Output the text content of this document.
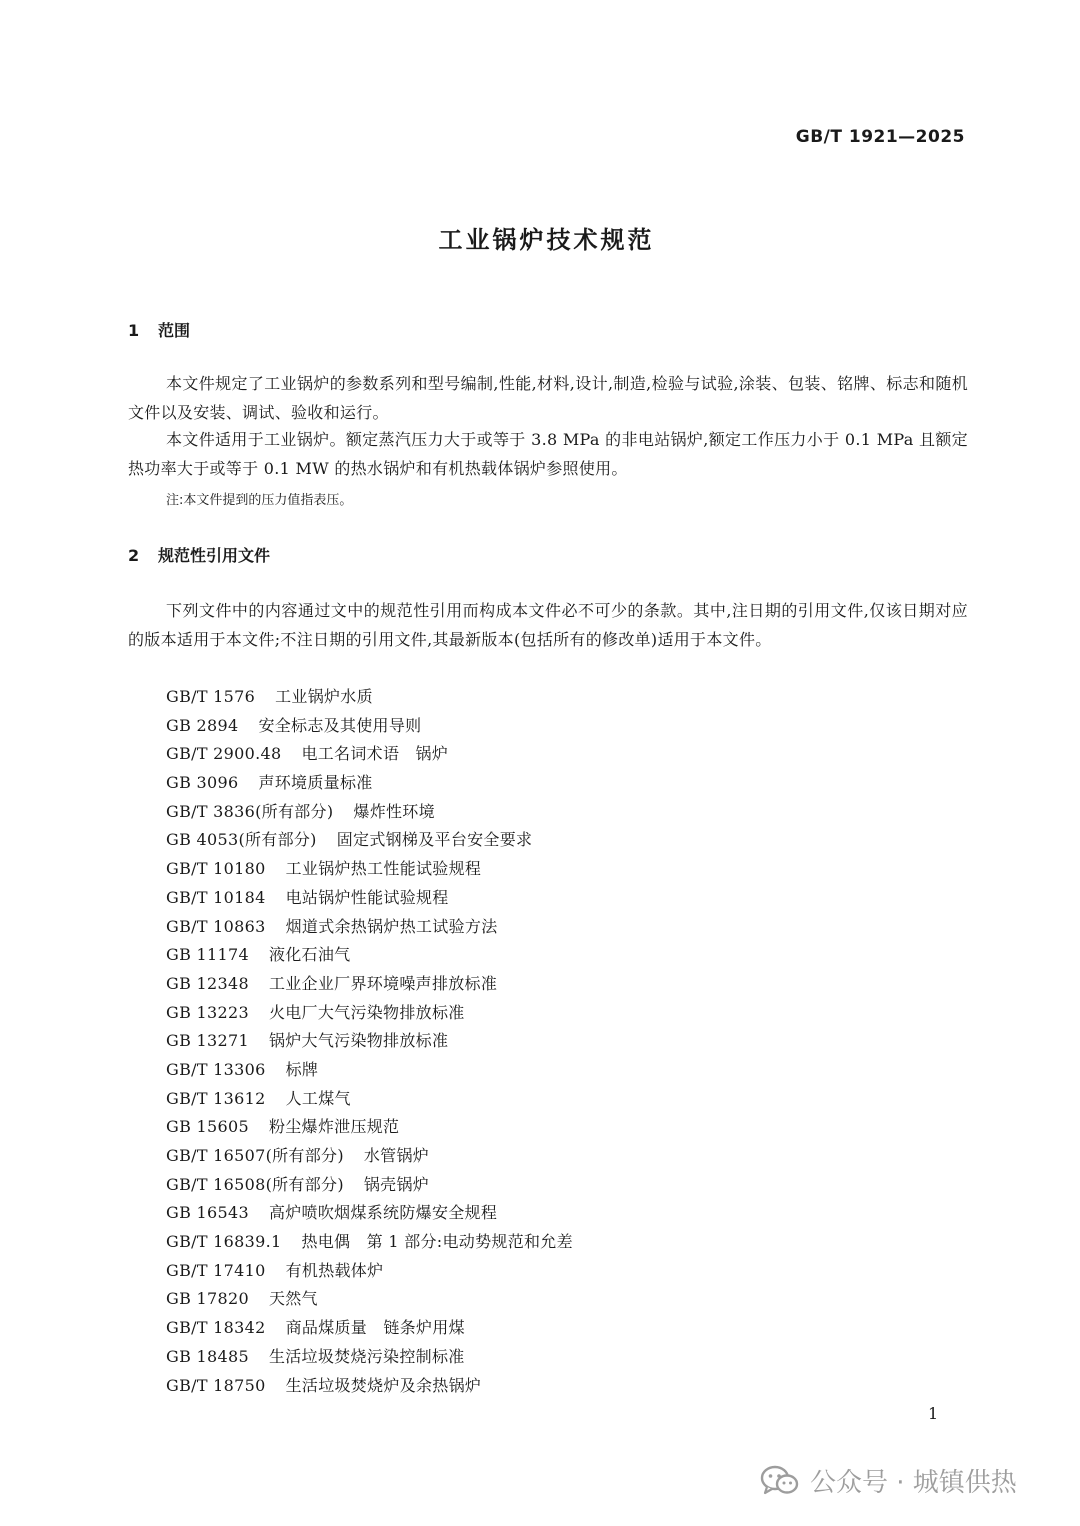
GB/T 1921—2025
工业锅炉技术规范
1 范围
本文件规定了工业锅炉的参数系列和型号编制,性能,材料,设计,制造,检验与试验,涂装、包装、铭牌、标志和随机文件以及安装、调试、验收和运行。
本文件适用于工业锅炉。额定蒸汽压力大于或等于 3.8 MPa 的非电站锅炉,额定工作压力小于 0.1 MPa 且额定热功率大于或等于 0.1 MW 的热水锅炉和有机热载体锅炉参照使用。
注:本文件提到的压力值指表压。
2 规范性引用文件
下列文件中的内容通过文中的规范性引用而构成本文件必不可少的条款。其中,注日期的引用文件,仅该日期对应的版本适用于本文件;不注日期的引用文件,其最新版本(包括所有的修改单)适用于本文件。
GB/T 1576 工业锅炉水质
GB 2894 安全标志及其使用导则
GB/T 2900.48 电工名词术语　锅炉
GB 3096 声环境质量标准
GB/T 3836(所有部分) 爆炸性环境
GB 4053(所有部分) 固定式钢梯及平台安全要求
GB/T 10180 工业锅炉热工性能试验规程
GB/T 10184 电站锅炉性能试验规程
GB/T 10863 烟道式余热锅炉热工试验方法
GB 11174 液化石油气
GB 12348 工业企业厂界环境噪声排放标准
GB 13223 火电厂大气污染物排放标准
GB 13271 锅炉大气污染物排放标准
GB/T 13306 标牌
GB/T 13612 人工煤气
GB 15605 粉尘爆炸泄压规范
GB/T 16507(所有部分) 水管锅炉
GB/T 16508(所有部分) 锅壳锅炉
GB 16543 高炉喷吹烟煤系统防爆安全规程
GB/T 16839.1 热电偶　第 1 部分:电动势规范和允差
GB/T 17410 有机热载体炉
GB 17820 天然气
GB/T 18342 商品煤质量　链条炉用煤
GB 18485 生活垃圾焚烧污染控制标准
GB/T 18750 生活垃圾焚烧炉及余热锅炉
1
公众号 · 城镇供热
